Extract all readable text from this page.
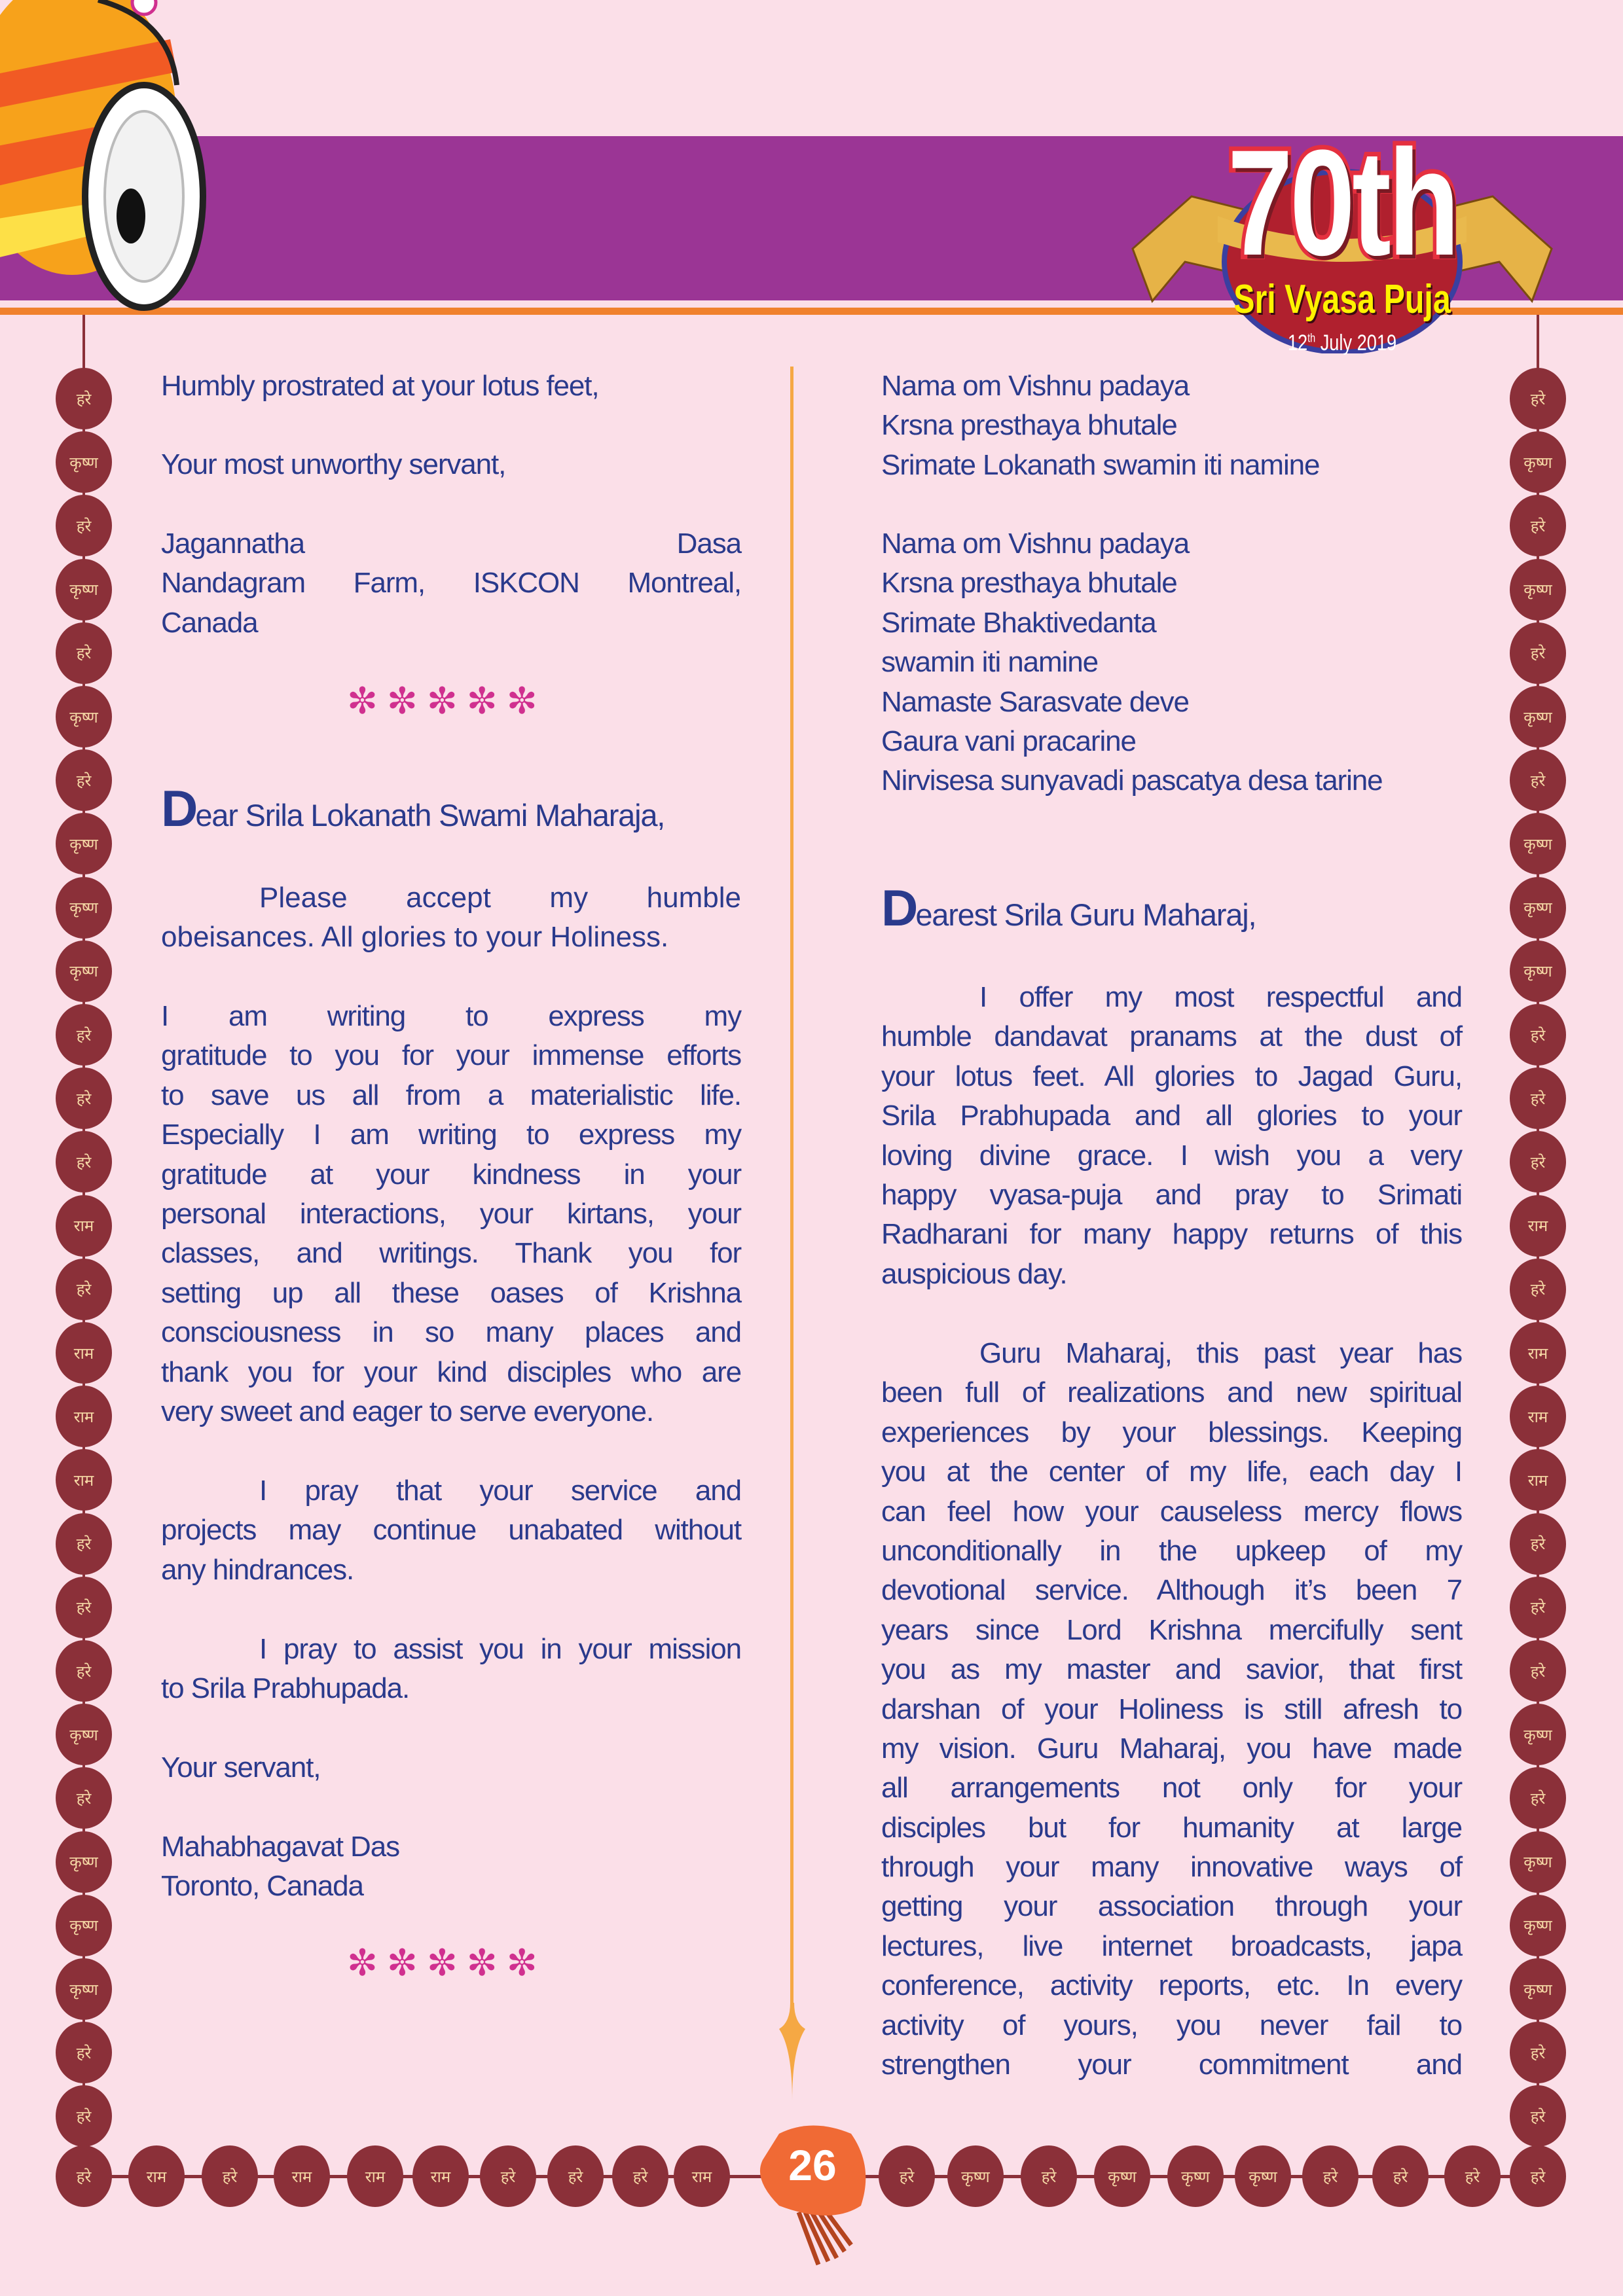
70th
Sri Vyasa Puja
12th July 2019
हरे
कृष्ण
हरे
कृष्ण
हरे
कृष्ण
हरे
कृष्ण
कृष्ण
कृष्ण
हरे
हरे
हरे
राम
हरे
राम
राम
राम
हरे
हरे
हरे
कृष्ण
हरे
कृष्ण
कृष्ण
कृष्ण
हरे
हरे
हरे
कृष्ण
हरे
कृष्ण
हरे
कृष्ण
हरे
कृष्ण
कृष्ण
कृष्ण
हरे
हरे
हरे
राम
हरे
राम
राम
राम
हरे
हरे
हरे
कृष्ण
हरे
कृष्ण
कृष्ण
कृष्ण
हरे
हरे
हरे	राम	हरे	राम	राम	राम	हरे	हरे	हरे	राम	हरे	कृष्ण	हरे	कृष्ण	कृष्ण	कृष्ण	हरे	हरे	हरे	हरे
Humbly prostrated at your lotus feet,
Your most unworthy servant,
Jagannatha Dasa
Nandagram Farm, ISKCON Montreal,
Canada
✼✼✼✼✼
Dear Srila Lokanath Swami Maharaja,
Please accept my humble
obeisances. All glories to your Holiness.
I am writing to express my
gratitude to you for your immense efforts
to save us all from a materialistic life.
Especially I am writing to express my
gratitude at your kindness in your
personal interactions, your kirtans, your
classes, and writings. Thank you for
setting up all these oases of Krishna
consciousness in so many places and
thank you for your kind disciples who are
very sweet and eager to serve everyone.
I pray that your service and
projects may continue unabated without
any hindrances.
I pray to assist you in your mission
to Srila Prabhupada.
Your servant,
Mahabhagavat Das
Toronto, Canada
✼✼✼✼✼
Nama om Vishnu padaya
Krsna presthaya bhutale
Srimate Lokanath swamin iti namine
Nama om Vishnu padaya
Krsna presthaya bhutale
Srimate Bhaktivedanta
swamin iti namine
Namaste Sarasvate deve
Gaura vani pracarine
Nirvisesa sunyavadi pascatya desa tarine
Dearest Srila Guru Maharaj,
I offer my most respectful and
humble dandavat pranams at the dust of
your lotus feet. All glories to Jagad Guru,
Srila Prabhupada and all glories to your
loving divine grace. I wish you a very
happy vyasa-puja and pray to Srimati
Radharani for many happy returns of this
auspicious day.
Guru Maharaj, this past year has
been full of realizations and new spiritual
experiences by your blessings. Keeping
you at the center of my life, each day I
can feel how your causeless mercy flows
unconditionally in the upkeep of my
devotional service. Although it’s been 7
years since Lord Krishna mercifully sent
you as my master and savior, that first
darshan of your Holiness is still afresh to
my vision. Guru Maharaj, you have made
all arrangements not only for your
disciples but for humanity at large
through your many innovative ways of
getting your association through your
lectures, live internet broadcasts, japa
conference, activity reports, etc. In every
activity of yours, you never fail to
strengthen your commitment and
26
